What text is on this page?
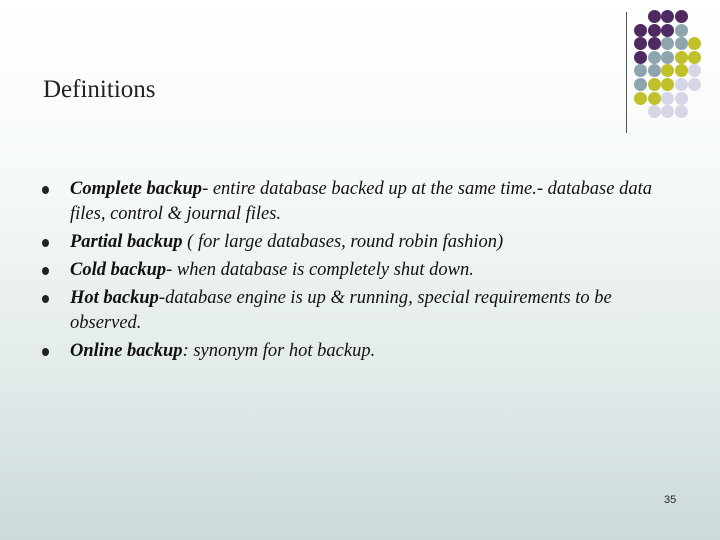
Definitions
Complete backup- entire database backed up at the same time.- database data files, control & journal files.
Partial backup ( for large databases, round robin fashion)
Cold backup- when database is completely shut down.
Hot backup-database engine is up & running, special requirements to be observed.
Online backup: synonym for hot backup.
35
